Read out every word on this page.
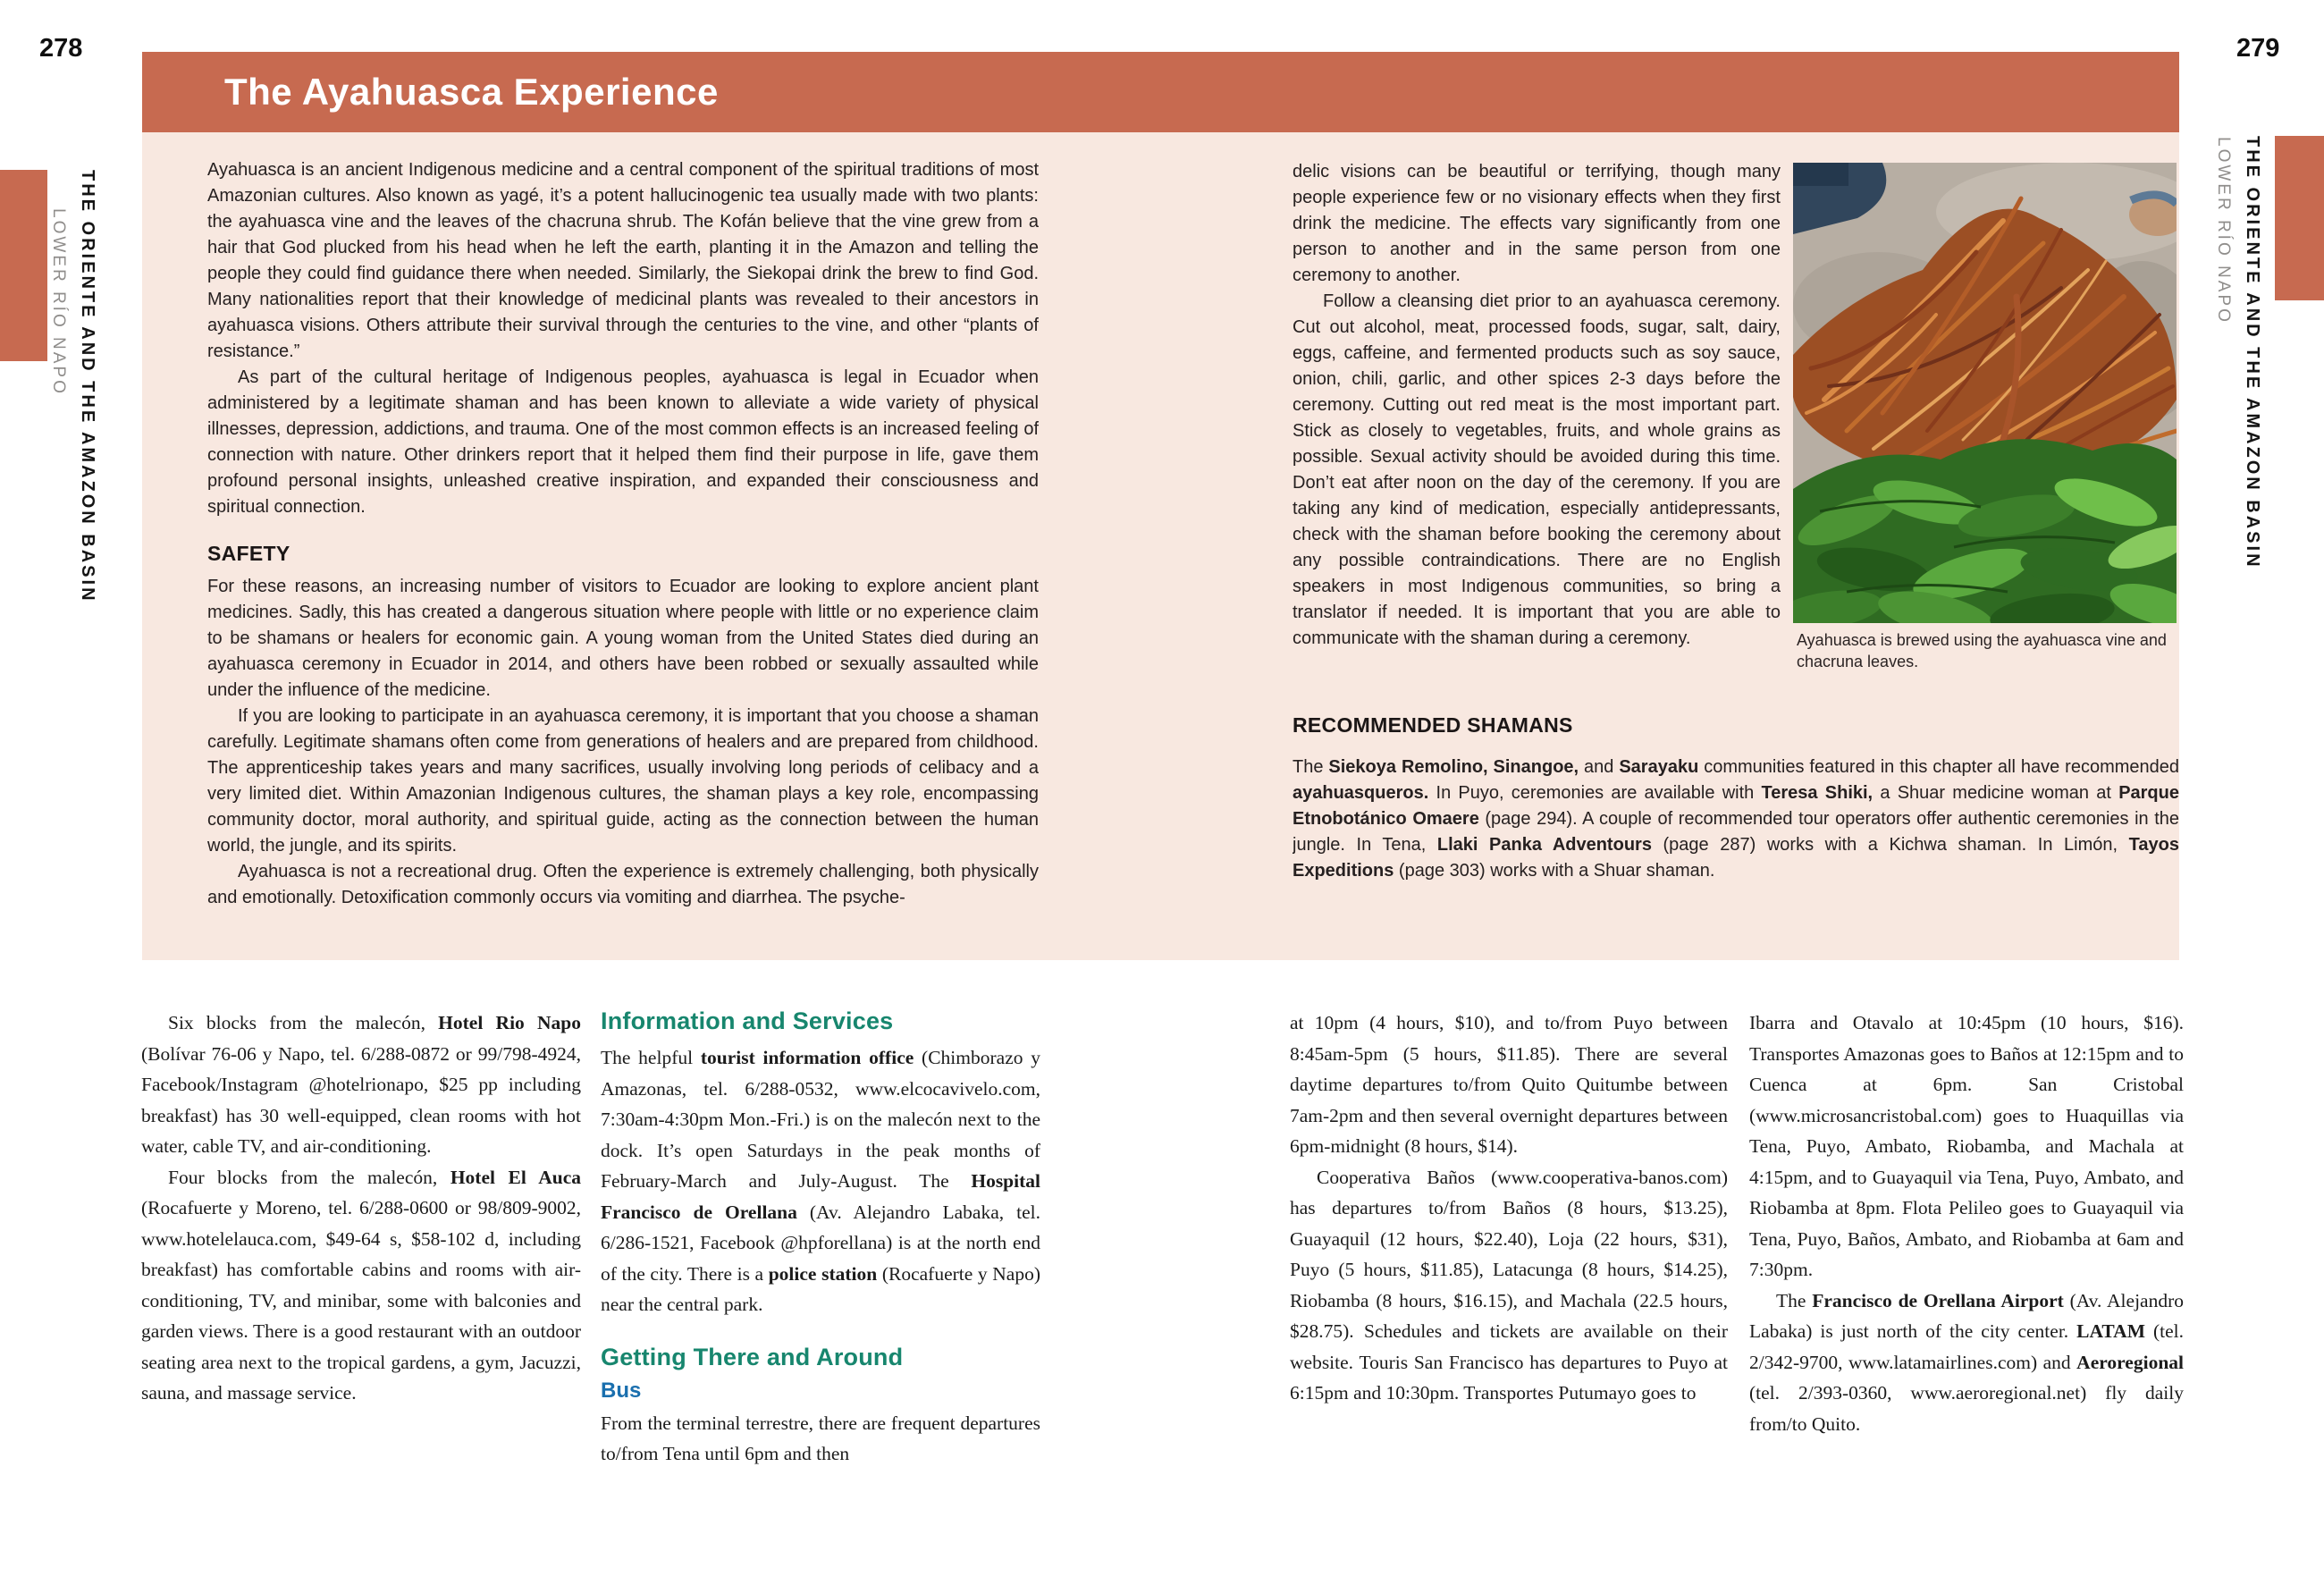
278	279
THE ORIENTE AND THE AMAZON BASIN
LOWER RÍO NAPO	THE ORIENTE AND THE AMAZON BASIN
LOWER RÍO NAPO
The Ayahuasca Experience

Ayahuasca is an ancient Indigenous medicine and a central component of the spiritual traditions of most Amazonian cultures. Also known as yagé, it’s a potent hallucinogenic tea usually made with two plants: the ayahuasca vine and the leaves of the chacruna shrub. The Kofán believe that the vine grew from a hair that God plucked from his head when he left the earth, planting it in the Amazon and telling the people they could find guidance there when needed. Similarly, the Siekopai drink the brew to find God. Many nationalities report that their knowledge of medicinal plants was revealed to their ancestors in ayahuasca visions. Others attribute their survival through the centuries to the vine, and other “plants of resistance.”

As part of the cultural heritage of Indigenous peoples, ayahuasca is legal in Ecuador when administered by a legitimate shaman and has been known to alleviate a wide variety of physical illnesses, depression, addictions, and trauma. One of the most common effects is an increased feeling of connection with nature. Other drinkers report that it helped them find their purpose in life, gave them profound personal insights, unleashed creative inspiration, and expanded their consciousness and spiritual connection.

SAFETY

For these reasons, an increasing number of visitors to Ecuador are looking to explore ancient plant medicines. Sadly, this has created a dangerous situation where people with little or no experience claim to be shamans or healers for economic gain. A young woman from the United States died during an ayahuasca ceremony in Ecuador in 2014, and others have been robbed or sexually assaulted while under the influence of the medicine.

If you are looking to participate in an ayahuasca ceremony, it is important that you choose a shaman carefully. Legitimate shamans often come from generations of healers and are prepared from childhood. The apprenticeship takes years and many sacrifices, usually involving long periods of celibacy and a very limited diet. Within Amazonian Indigenous cultures, the shaman plays a key role, encompassing community doctor, moral authority, and spiritual guide, acting as the connection between the human world, the jungle, and its spirits.

Ayahuasca is not a recreational drug. Often the experience is extremely challenging, both physically and emotionally. Detoxification commonly occurs via vomiting and diarrhea. The psyche-

delic visions can be beautiful or terrifying, though many people experience few or no visionary effects when they first drink the medicine. The effects vary significantly from one person to another and in the same person from one ceremony to another.

Follow a cleansing diet prior to an ayahuasca ceremony. Cut out alcohol, meat, processed foods, sugar, salt, dairy, eggs, caffeine, and fermented products such as soy sauce, onion, chili, garlic, and other spices 2-3 days before the ceremony. Cutting out red meat is the most important part. Stick as closely to vegetables, fruits, and whole grains as possible. Sexual activity should be avoided during this time. Don’t eat after noon on the day of the ceremony. If you are taking any kind of medication, especially antidepressants, check with the shaman before booking the ceremony about any possible contraindications. There are no English speakers in most Indigenous communities, so bring a translator if needed. It is important that you are able to communicate with the shaman during a ceremony.	Ayahuasca is brewed using the ayahuasca vine and chacruna leaves.
RECOMMENDED SHAMANS

The Siekoya Remolino, Sinangoe, and Sarayaku communities featured in this chapter all have recommended ayahuasqueros. In Puyo, ceremonies are available with Teresa Shiki, a Shuar medicine woman at Parque Etnobotánico Omaere (page 294). A couple of recommended tour operators offer authentic ceremonies in the jungle. In Tena, Llaki Panka Adventours (page 287) works with a Kichwa shaman. In Limón, Tayos Expeditions (page 303) works with a Shuar shaman.

Six blocks from the malecón, Hotel Rio Napo (Bolívar 76-06 y Napo, tel. 6/288-0872 or 99/798-4924, Facebook/Instagram @hotelrionapo, $25 pp including breakfast) has 30 well-equipped, clean rooms with hot water, cable TV, and air-conditioning.

Four blocks from the malecón, Hotel El Auca (Rocafuerte y Moreno, tel. 6/288-0600 or 98/809-9002, www.hotelelauca.com, $49-64 s, $58-102 d, including breakfast) has comfortable cabins and rooms with air-conditioning, TV, and minibar, some with balconies and garden views. There is a good restaurant with an outdoor seating area next to the tropical gardens, a gym, Jacuzzi, sauna, and massage service.

Information and Services

The helpful tourist information office (Chimborazo y Amazonas, tel. 6/288-0532, www.elcocavivelo.com, 7:30am-4:30pm Mon.-Fri.) is on the malecón next to the dock. It’s open Saturdays in the peak months of February-March and July-August. The Hospital Francisco de Orellana (Av. Alejandro Labaka, tel. 6/286-1521, Facebook @hpforellana) is at the north end of the city. There is a police station (Rocafuerte y Napo) near the central park.

Getting There and Around
Bus

From the terminal terrestre, there are frequent departures to/from Tena until 6pm and then

at 10pm (4 hours, $10), and to/from Puyo between 8:45am-5pm (5 hours, $11.85). There are several daytime departures to/from Quito Quitumbe between 7am-2pm and then several overnight departures between 6pm-midnight (8 hours, $14).

Cooperativa Baños (www.cooperativa-banos.com) has departures to/from Baños (8 hours, $13.25), Guayaquil (12 hours, $22.40), Loja (22 hours, $31), Puyo (5 hours, $11.85), Latacunga (8 hours, $14.25), Riobamba (8 hours, $16.15), and Machala (22.5 hours, $28.75). Schedules and tickets are available on their website. Touris San Francisco has departures to Puyo at 6:15pm and 10:30pm. Transportes Putumayo goes to

Ibarra and Otavalo at 10:45pm (10 hours, $16). Transportes Amazonas goes to Baños at 12:15pm and to Cuenca at 6pm. San Cristobal (www.microsancristobal.com) goes to Huaquillas via Tena, Puyo, Ambato, Riobamba, and Machala at 4:15pm, and to Guayaquil via Tena, Puyo, Ambato, and Riobamba at 8pm. Flota Pelileo goes to Guayaquil via Tena, Puyo, Baños, Ambato, and Riobamba at 6am and 7:30pm.

The Francisco de Orellana Airport (Av. Alejandro Labaka) is just north of the city center. LATAM (tel. 2/342-9700, www.latamairlines.com) and Aeroregional (tel. 2/393-0360, www.aeroregional.net) fly daily from/to Quito.
